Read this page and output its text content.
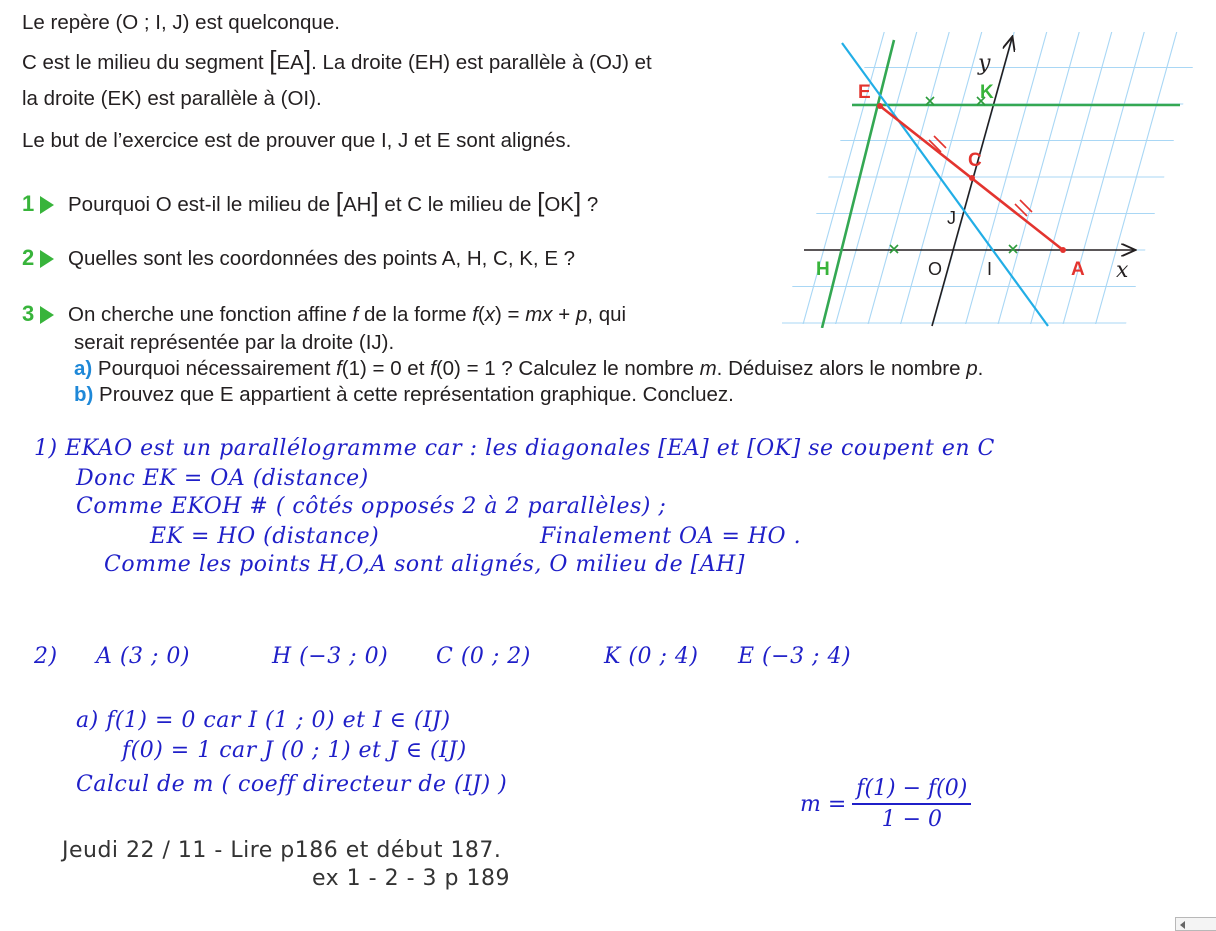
Le repère (O ; I, J) est quelconque.

C est le milieu du segment [EA]. La droite (EH) est parallèle à (OJ) et

la droite (EK) est parallèle à (OI).

Le but de l’exercice est de prouver que I, J et E sont alignés.

1 Pourquoi O est-il le milieu de [AH] et C le milieu de [OK] ?
2 Quelles sont les coordonnées des points A, H, C, K, E ?
3 On cherche une fonction affine f de la forme f(x) = mx + p, qui

serait représentée par la droite (IJ).

a) Pourquoi nécessairement f(1) = 0 et f(0) = 1 ? Calculez le nombre m. Déduisez alors le nombre p.

b) Prouvez que E appartient à cette représentation graphique. Concluez.

E	K
C
H	A
J
O I	x
y
1) EKAO est un parallélogramme car : les diagonales [EA] et [OK] se coupent en C
Donc EK = OA (distance)
Comme EKOH # ( côtés opposés 2 à 2 parallèles) ;
EK = HO (distance)	Finalement OA = HO .
Comme les points H,O,A sont alignés, O milieu de [AH]
2) A (3 ; 0)	H (−3 ; 0) C (0 ; 2)	K (0 ; 4) E (−3 ; 4)
a) f(1) = 0 car I (1 ; 0) et I ∈ (IJ)
f(0) = 1 car J (0 ; 1) et J ∈ (IJ)
Calcul de m ( coeff directeur de (IJ) )
$m = \frac{f(1) - f(0)}{1 - 0}$
Jeudi 22 / 11 - Lire p186 et début 187.
ex 1 - 2 - 3 p 189
